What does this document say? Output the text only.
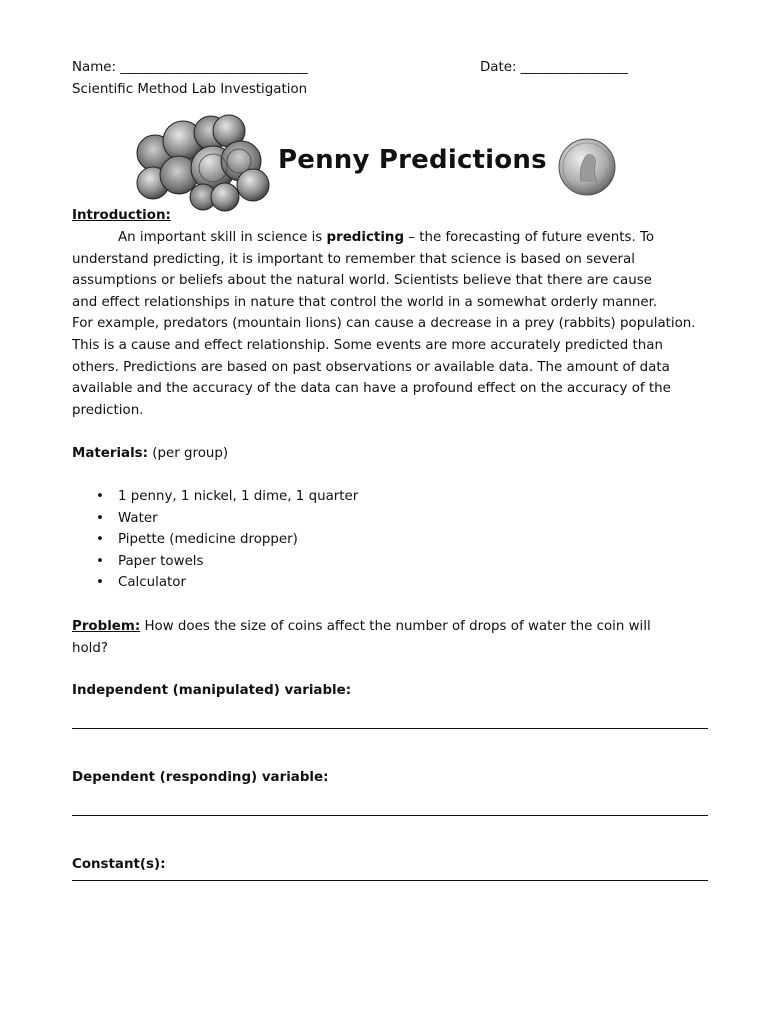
Name: ____________________________	Date: ________________
Scientific Method Lab Investigation
Penny Predictions
Introduction:
An important skill in science is predicting – the forecasting of future events. To
understand predicting, it is important to remember that science is based on several
assumptions or beliefs about the natural world. Scientists believe that there are cause
and effect relationships in nature that control the world in a somewhat orderly manner.
For example, predators (mountain lions) can cause a decrease in a prey (rabbits) population.
This is a cause and effect relationship. Some events are more accurately predicted than
others. Predictions are based on past observations or available data. The amount of data
available and the accuracy of the data can have a profound effect on the accuracy of the
prediction.
Materials: (per group)
• 1 penny, 1 nickel, 1 dime, 1 quarter
• Water
• Pipette (medicine dropper)
• Paper towels
• Calculator
Problem: How does the size of coins affect the number of drops of water the coin will
hold?
Independent (manipulated) variable:
Dependent (responding) variable:
Constant(s):
